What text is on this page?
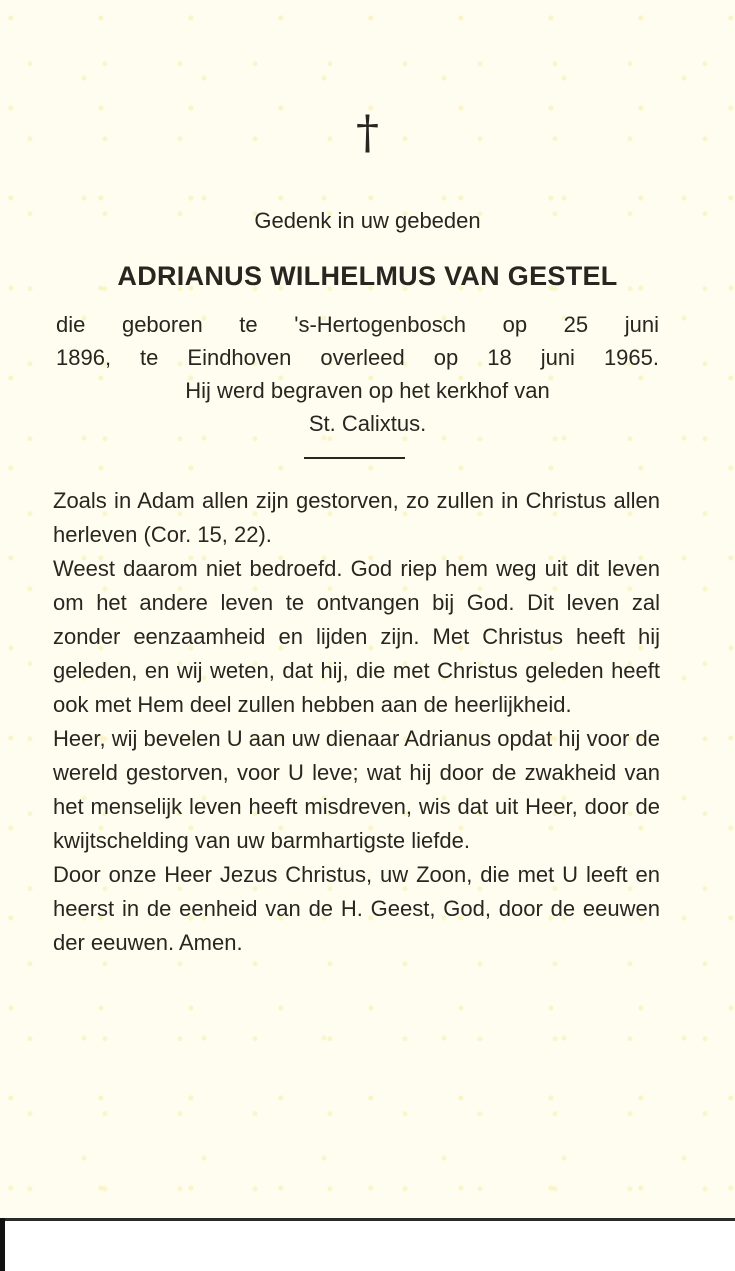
†
Gedenk in uw gebeden
ADRIANUS WILHELMUS VAN GESTEL
die geboren te 's-Hertogenbosch op 25 juni
1896, te Eindhoven overleed op 18 juni 1965.
Hij werd begraven op het kerkhof van
St. Calixtus.

Zoals in Adam allen zijn gestorven, zo zullen in Christus allen herleven (Cor. 15, 22).

Weest daarom niet bedroefd. God riep hem weg uit dit leven om het andere leven te ontvangen bij God. Dit leven zal zonder eenzaamheid en lijden zijn. Met Christus heeft hij geleden, en wij weten, dat hij, die met Christus geleden heeft ook met Hem deel zullen hebben aan de heerlijkheid.

Heer, wij bevelen U aan uw dienaar Adrianus opdat hij voor de wereld gestorven, voor U leve; wat hij door de zwakheid van het menselijk leven heeft misdreven, wis dat uit Heer, door de kwijtschelding van uw barmhartigste liefde.

Door onze Heer Jezus Christus, uw Zoon, die met U leeft en heerst in de eenheid van de H. Geest, God, door de eeuwen der eeuwen. Amen.
